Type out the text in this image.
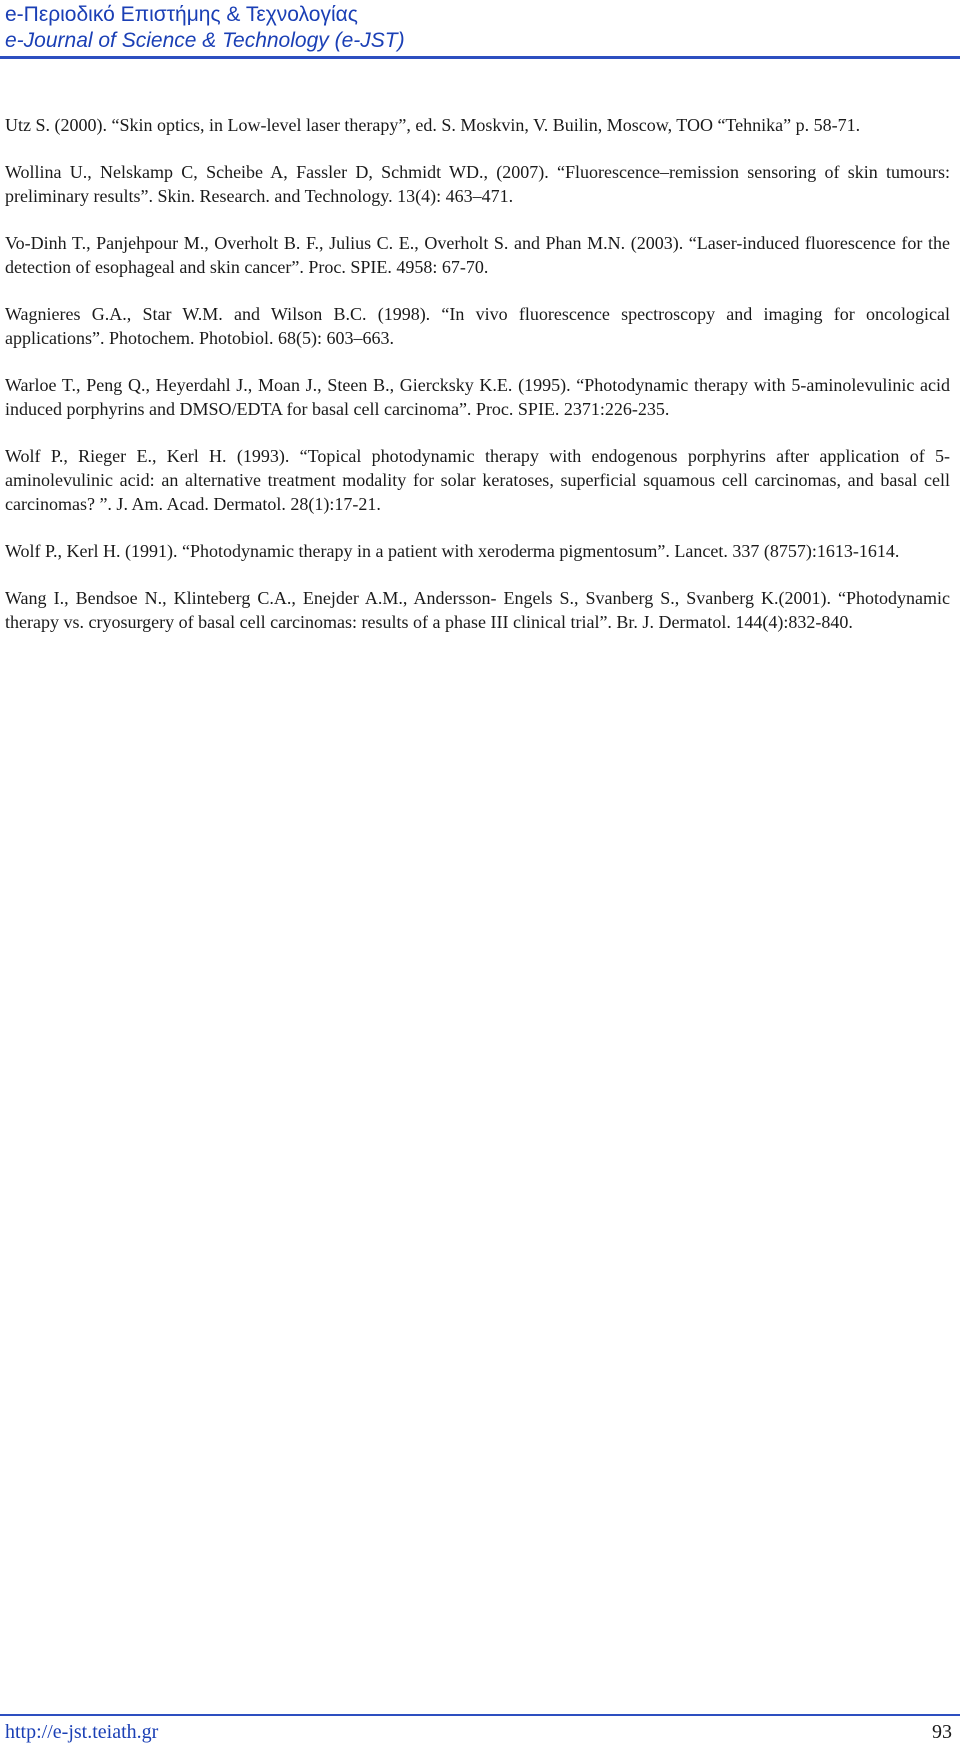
e-Περιοδικό Επιστήμης & Τεχνολογίας
e-Journal of Science & Technology (e-JST)

Utz S. (2000). “Skin optics, in Low-level laser therapy”, ed. S. Moskvin, V. Builin, Moscow, TOO “Tehnika” p. 58-71.

Wollina U., Nelskamp C, Scheibe A, Fassler D, Schmidt WD., (2007). “Fluorescence–remission sensoring of skin tumours: preliminary results”. Skin. Research. and Technology. 13(4): 463–471.

Vo-Dinh T., Panjehpour M., Overholt B. F., Julius C. E., Overholt S. and Phan M.N. (2003). “Laser-induced fluorescence for the detection of esophageal and skin cancer”. Proc. SPIE. 4958: 67-70.

Wagnieres G.A., Star W.M. and Wilson B.C. (1998). “In vivo fluorescence spectroscopy and imaging for oncological applications”. Photochem. Photobiol. 68(5): 603–663.

Warloe T., Peng Q., Heyerdahl J., Moan J., Steen B., Giercksky K.E. (1995). “Photodynamic therapy with 5-aminolevulinic acid induced porphyrins and DMSO/EDTA for basal cell carcinoma”. Proc. SPIE. 2371:226-235.

Wolf P., Rieger E., Kerl H. (1993). “Topical photodynamic therapy with endogenous porphyrins after application of 5-aminolevulinic acid: an alternative treatment modality for solar keratoses, superficial squamous cell carcinomas, and basal cell carcinomas? ”. J. Am. Acad. Dermatol. 28(1):17-21.

Wolf P., Kerl H. (1991). “Photodynamic therapy in a patient with xeroderma pigmentosum”. Lancet. 337 (8757):1613-1614.

Wang I., Bendsoe N., Klinteberg C.A., Enejder A.M., Andersson- Engels S., Svanberg S., Svanberg K.(2001). “Photodynamic therapy vs. cryosurgery of basal cell carcinomas: results of a phase III clinical trial”. Br. J. Dermatol. 144(4):832-840.

http://e-jst.teiath.gr	93
